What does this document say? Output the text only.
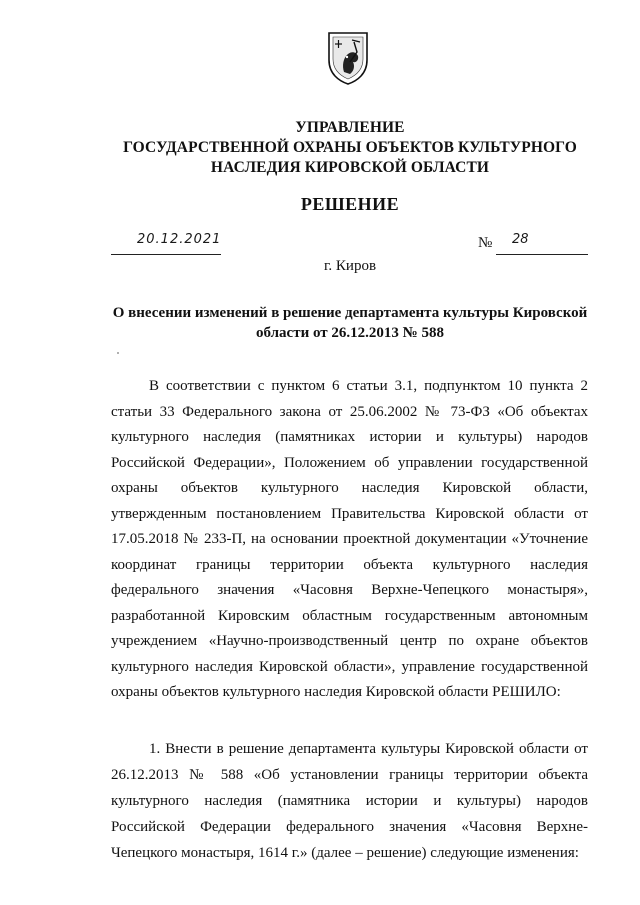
УПРАВЛЕНИЕ
ГОСУДАРСТВЕННОЙ ОХРАНЫ ОБЪЕКТОВ КУЛЬТУРНОГО
НАСЛЕДИЯ КИРОВСКОЙ ОБЛАСТИ
РЕШЕНИЕ
20.12.2021	№ 28
г. Киров
О внесении изменений в решение департамента культуры Кировской области от 26.12.2013 № 588

В соответствии с пунктом 6 статьи 3.1, подпунктом 10 пункта 2 статьи 33 Федерального закона от 25.06.2002 № 73-ФЗ «Об объектах культурного наследия (памятниках истории и культуры) народов Российской Федерации», Положением об управлении государственной охраны объектов культурного наследия Кировской области, утвержденным постановлением Правительства Кировской области от 17.05.2018 № 233-П, на основании проектной документации «Уточнение координат границы территории объекта культурного наследия федерального значения «Часовня Верхне-Чепецкого монастыря», разработанной Кировским областным государственным автономным учреждением «Научно-производственный центр по охране объектов культурного наследия Кировской области», управление государственной охраны объектов культурного наследия Кировской области РЕШИЛО:

1. Внести в решение департамента культуры Кировской области от 26.12.2013 № 588 «Об установлении границы территории объекта культурного наследия (памятника истории и культуры) народов Российской Федерации федерального значения «Часовня Верхне-Чепецкого монастыря, 1614 г.» (далее – решение) следующие изменения:
